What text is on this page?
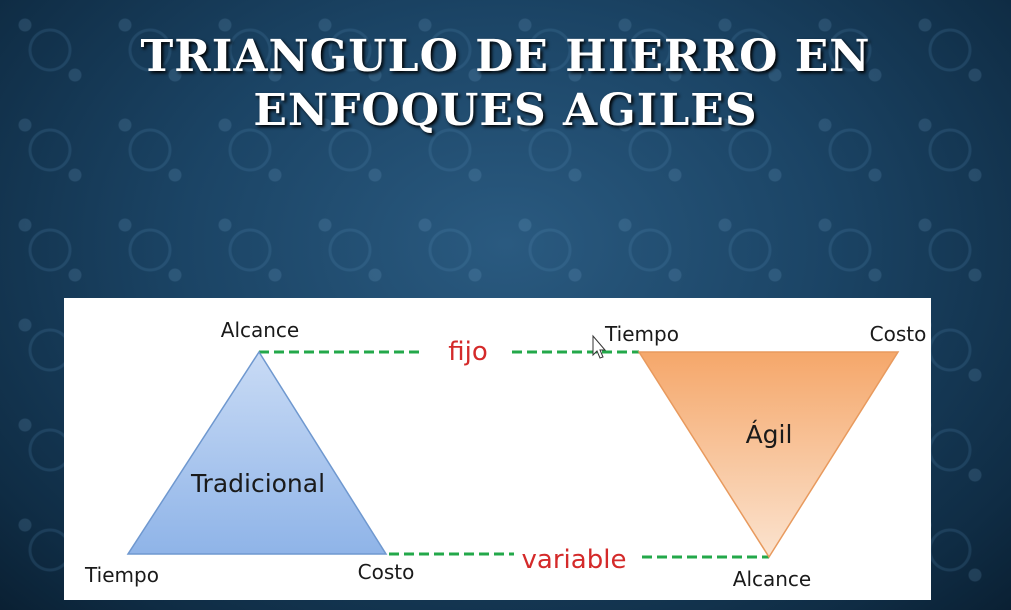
TRIANGULO DE HIERRO EN
ENFOQUES AGILES
Tradicional
Alcance
Tiempo	Costo
fijo
variable
Ágil
Tiempo	Costo
Alcance
